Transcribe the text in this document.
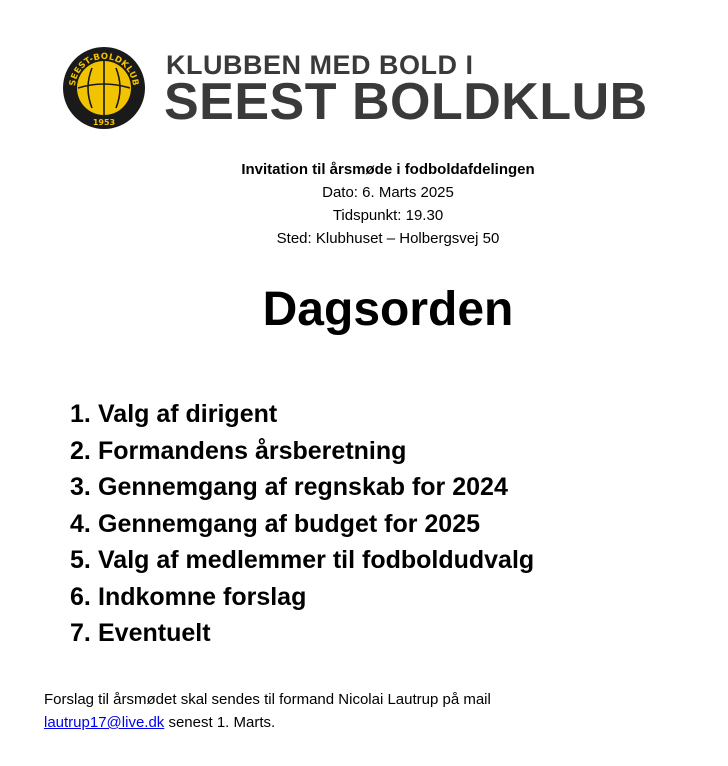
SEEST-BOLDKLUB
1953
KLUBBEN MED BOLD I
SEEST BOLDKLUB
Invitation til årsmøde i fodboldafdelingen
Dato: 6. Marts 2025
Tidspunkt: 19.30
Sted: Klubhuset – Holbergsvej 50
Dagsorden
1. Valg af dirigent
2. Formandens årsberetning
3. Gennemgang af regnskab for 2024
4. Gennemgang af budget for 2025
5. Valg af medlemmer til fodboldudvalg
6. Indkomne forslag
7. Eventuelt
Forslag til årsmødet skal sendes til formand Nicolai Lautrup på mail
lautrup17@live.dk senest 1. Marts.
